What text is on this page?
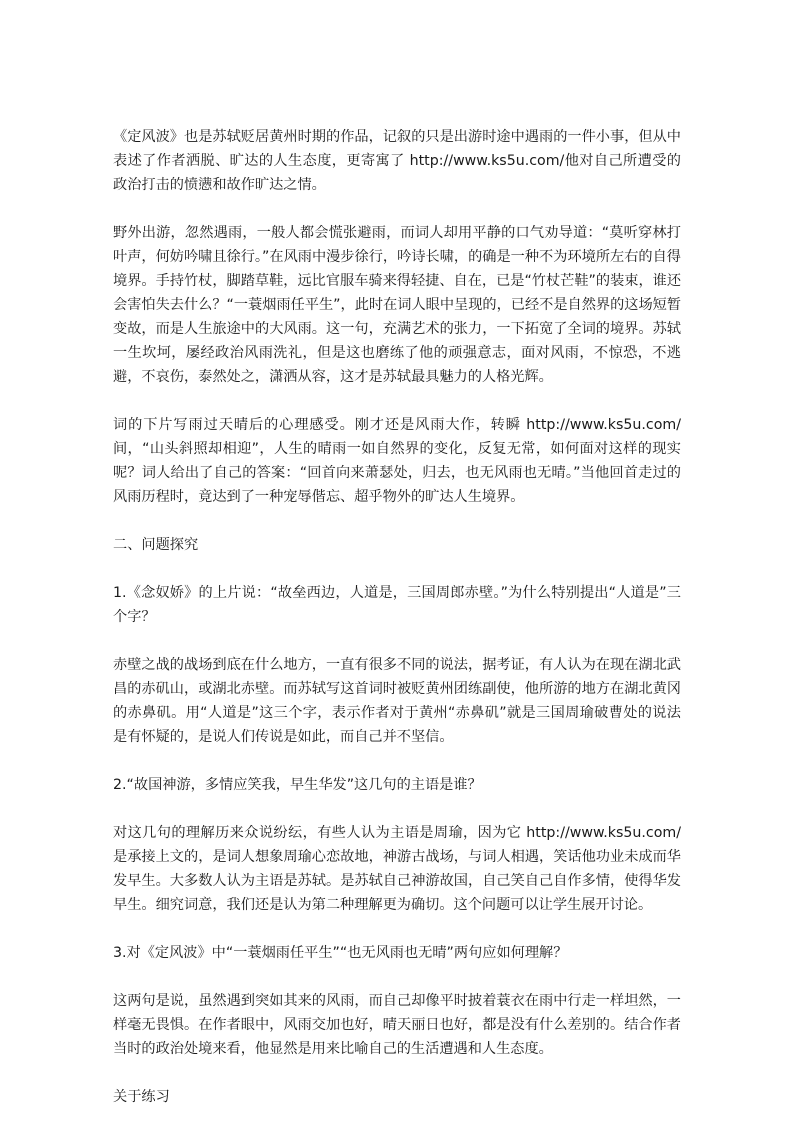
《定风波》也是苏轼贬居黄州时期的作品，记叙的只是出游时途中遇雨的一件小事，但从中表述了作者洒脱、旷达的人生态度，更寄寓了 http://www.ks5u.com/他对自己所遭受的政治打击的愤懑和故作旷达之情。

野外出游，忽然遇雨，一般人都会慌张避雨，而词人却用平静的口气劝导道：“莫听穿林打叶声，何妨吟啸且徐行。”在风雨中漫步徐行，吟诗长啸，的确是一种不为环境所左右的自得境界。手持竹杖，脚踏草鞋，远比官服车骑来得轻捷、自在，已是“竹杖芒鞋”的装束，谁还会害怕失去什么？“一蓑烟雨任平生”，此时在词人眼中呈现的，已经不是自然界的这场短暂变故，而是人生旅途中的大风雨。这一句，充满艺术的张力，一下拓宽了全词的境界。苏轼一生坎坷，屡经政治风雨洗礼，但是这也磨练了他的顽强意志，面对风雨，不惊恐，不逃避，不哀伤，泰然处之，潇洒从容，这才是苏轼最具魅力的人格光辉。

词的下片写雨过天晴后的心理感受。刚才还是风雨大作，转瞬 http://www.ks5u.com/间，“山头斜照却相迎”，人生的晴雨一如自然界的变化，反复无常，如何面对这样的现实呢？词人给出了自己的答案：“回首向来萧瑟处，归去，也无风雨也无晴。”当他回首走过的风雨历程时，竟达到了一种宠辱偕忘、超乎物外的旷达人生境界。

二、问题探究

1.《念奴娇》的上片说：“故垒西边，人道是，三国周郎赤壁。”为什么特别提出“人道是”三个字？

赤壁之战的战场到底在什么地方，一直有很多不同的说法，据考证，有人认为在现在湖北武昌的赤矶山，或湖北赤壁。而苏轼写这首词时被贬黄州团练副使，他所游的地方在湖北黄冈的赤鼻矶。用“人道是”这三个字，表示作者对于黄州“赤鼻矶”就是三国周瑜破曹处的说法是有怀疑的，是说人们传说是如此，而自己并不坚信。

2.“故国神游，多情应笑我，早生华发”这几句的主语是谁？

对这几句的理解历来众说纷纭，有些人认为主语是周瑜，因为它 http://www.ks5u.com/是承接上文的，是词人想象周瑜心恋故地，神游古战场，与词人相遇，笑话他功业未成而华发早生。大多数人认为主语是苏轼。是苏轼自己神游故国，自己笑自己自作多情，使得华发早生。细究词意，我们还是认为第二种理解更为确切。这个问题可以让学生展开讨论。

3.对《定风波》中“一蓑烟雨任平生”“也无风雨也无晴”两句应如何理解？

这两句是说，虽然遇到突如其来的风雨，而自己却像平时披着蓑衣在雨中行走一样坦然，一样毫无畏惧。在作者眼中，风雨交加也好，晴天丽日也好，都是没有什么差别的。结合作者当时的政治处境来看，他显然是用来比喻自己的生活遭遇和人生态度。

关于练习
